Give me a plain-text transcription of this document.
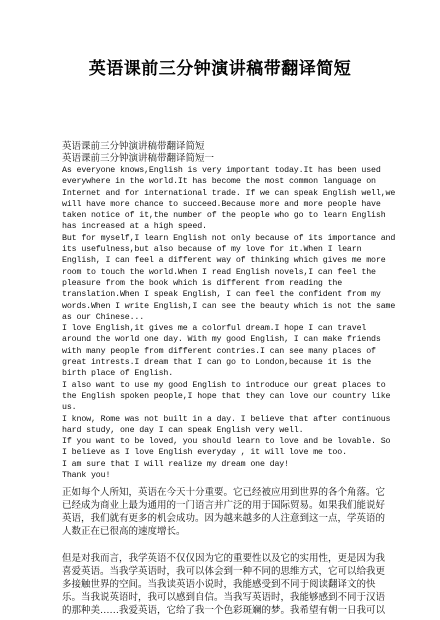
英语课前三分钟演讲稿带翻译简短
英语课前三分钟演讲稿带翻译简短
英语课前三分钟演讲稿带翻译简短一
As everyone knows,English is very important today.It has been used
everywhere in the world.It has become the most common language on
Internet and for international trade. If we can speak English well,we
will have more chance to succeed.Because more and more people have
taken notice of it,the number of the people who go to learn English
has increased at a high speed.
But for myself,I learn English not only because of its importance and
its usefulness,but also because of my love for it.When I learn
English, I can feel a different way of thinking which gives me more
room to touch the world.When I read English novels,I can feel the
pleasure from the book which is different from reading the
translation.When I speak English, I can feel the confident from my
words.When I write English,I can see the beauty which is not the same
as our Chinese...
I love English,it gives me a colorful dream.I hope I can travel
around the world one day. With my good English, I can make friends
with many people from different contries.I can see many places of
great intrests.I dream that I can go to London,because it is the
birth place of English.
I also want to use my good English to introduce our great places to
the English spoken people,I hope that they can love our country like
us.
I know, Rome was not built in a day. I believe that after continuous
hard study, one day I can speak English very well.
If you want to be loved, you should learn to love and be lovable. So
I believe as I love English everyday , it will love me too.
I am sure that I will realize my dream one day!
Thank you!
正如每个人所知，英语在今天十分重要。它已经被应用到世界的各个角落。它
已经成为商业上最为通用的一门语言并广泛的用于国际贸易。如果我们能说好
英语，我们就有更多的机会成功。因为越来越多的人注意到这一点，学英语的
人数正在已很高的速度增长。
但是对我而言，我学英语不仅仅因为它的重要性以及它的实用性，更是因为我
喜爱英语。当我学英语时，我可以体会到一种不同的思维方式，它可以给我更
多接触世界的空间。当我读英语小说时，我能感受到不同于阅读翻译文的快
乐。当我说英语时，我可以感到自信。当我写英语时，我能够感到不同于汉语
的那种美……我爱英语，它给了我一个色彩斑斓的梦。我希望有朝一日我可以
